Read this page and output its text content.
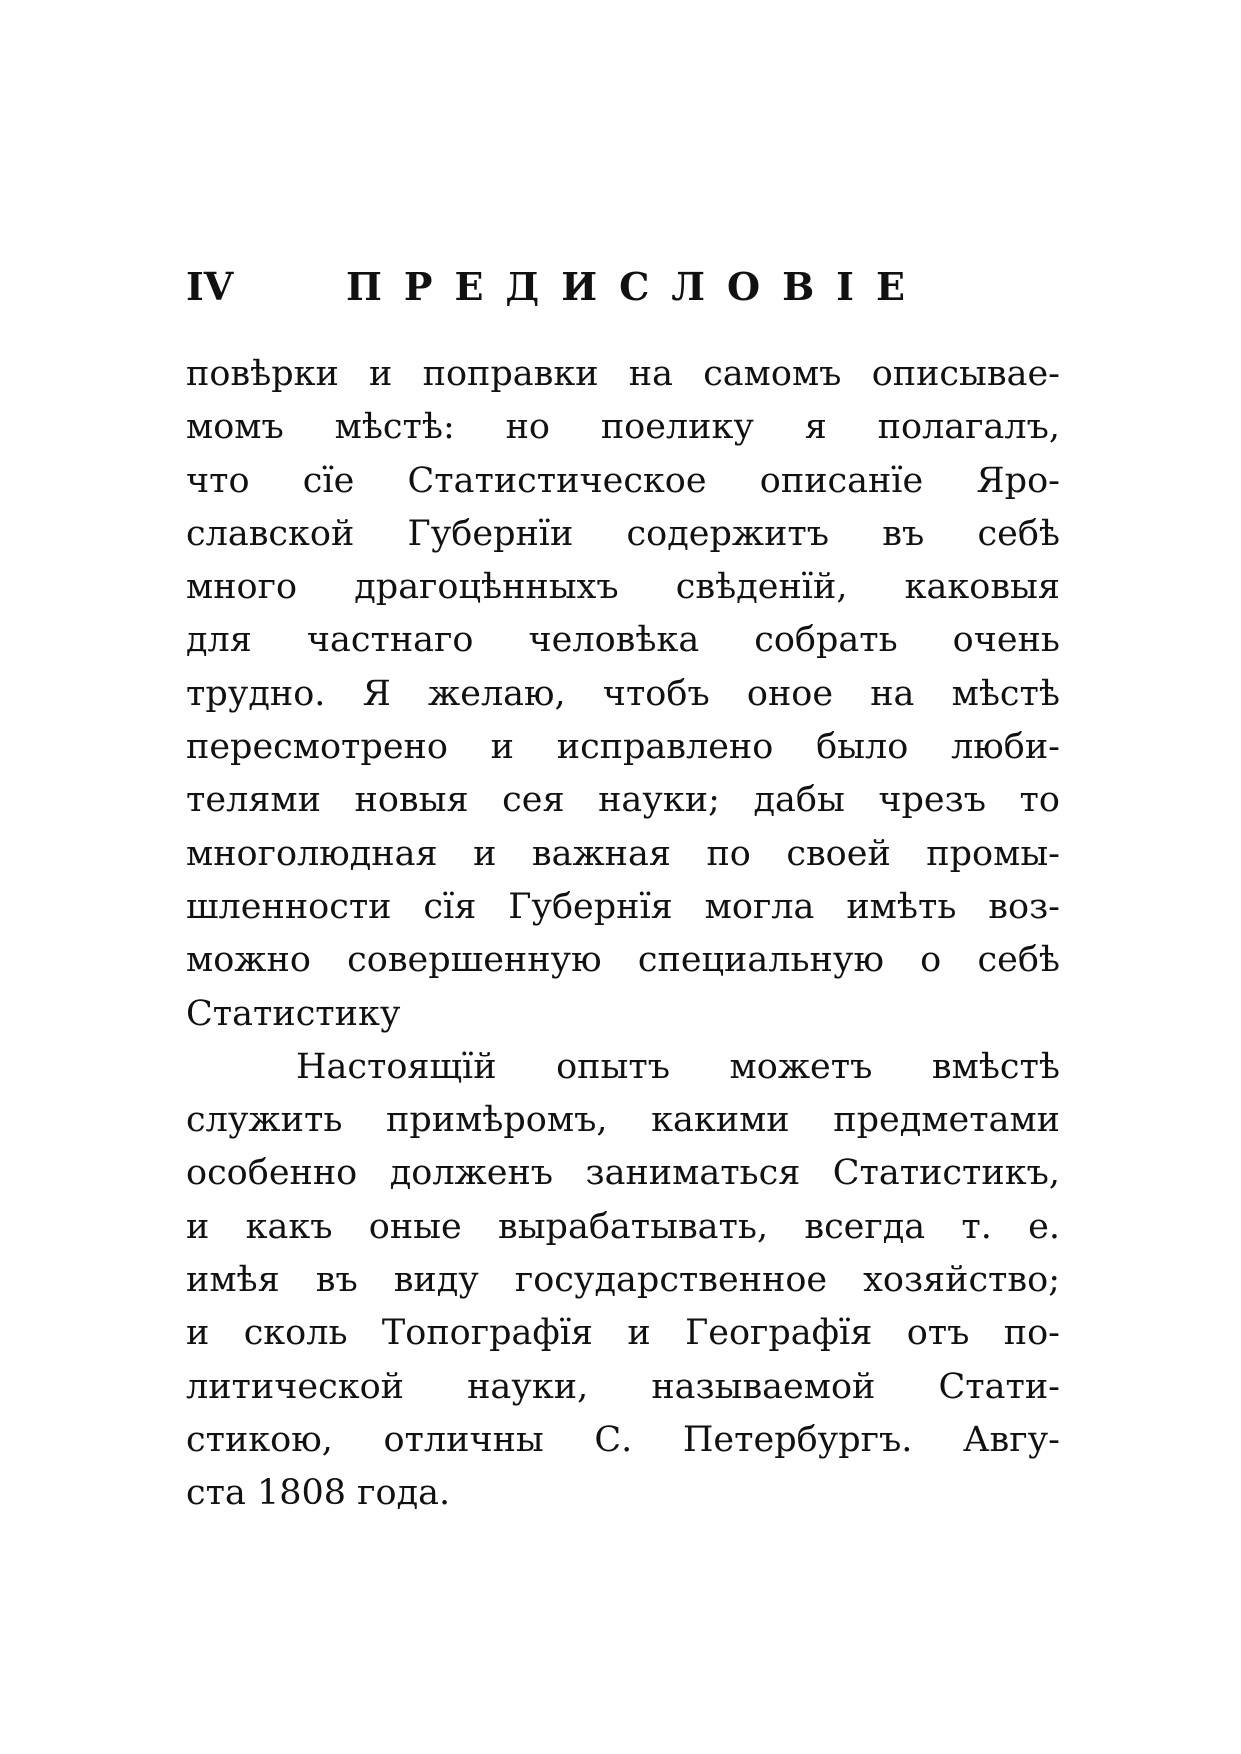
IV	ПРЕДИСЛОВІЕ
повѣрки и поправки на самомъ описывае-
момъ мѣстѣ: но поелику я полагалъ,
что сїе Статистическое описанїе Яро-
славской Губернїи содержитъ въ себѣ
много драгоцѣнныхъ свѣденїй, каковыя
для частнаго человѣка собрать очень
трудно. Я желаю, чтобъ оное на мѣстѣ
пересмотрено и исправлено было люби-
телями новыя сея науки; дабы чрезъ то
многолюдная и важная по своей промы-
шленности сїя Губернїя могла имѣть воз-
можно совершенную специальную о себѣ
Статистику
Настоящїй опытъ можетъ вмѣстѣ
служить примѣромъ, какими предметами
особенно долженъ заниматься Статистикъ,
и какъ оные вырабатывать, всегда т. е.
имѣя въ виду государственное хозяйство;
и сколь Топографїя и Географїя отъ по-
литической науки, называемой Стати-
стикою, отличны С. Петербургъ. Авгу-
ста 1808 года.
